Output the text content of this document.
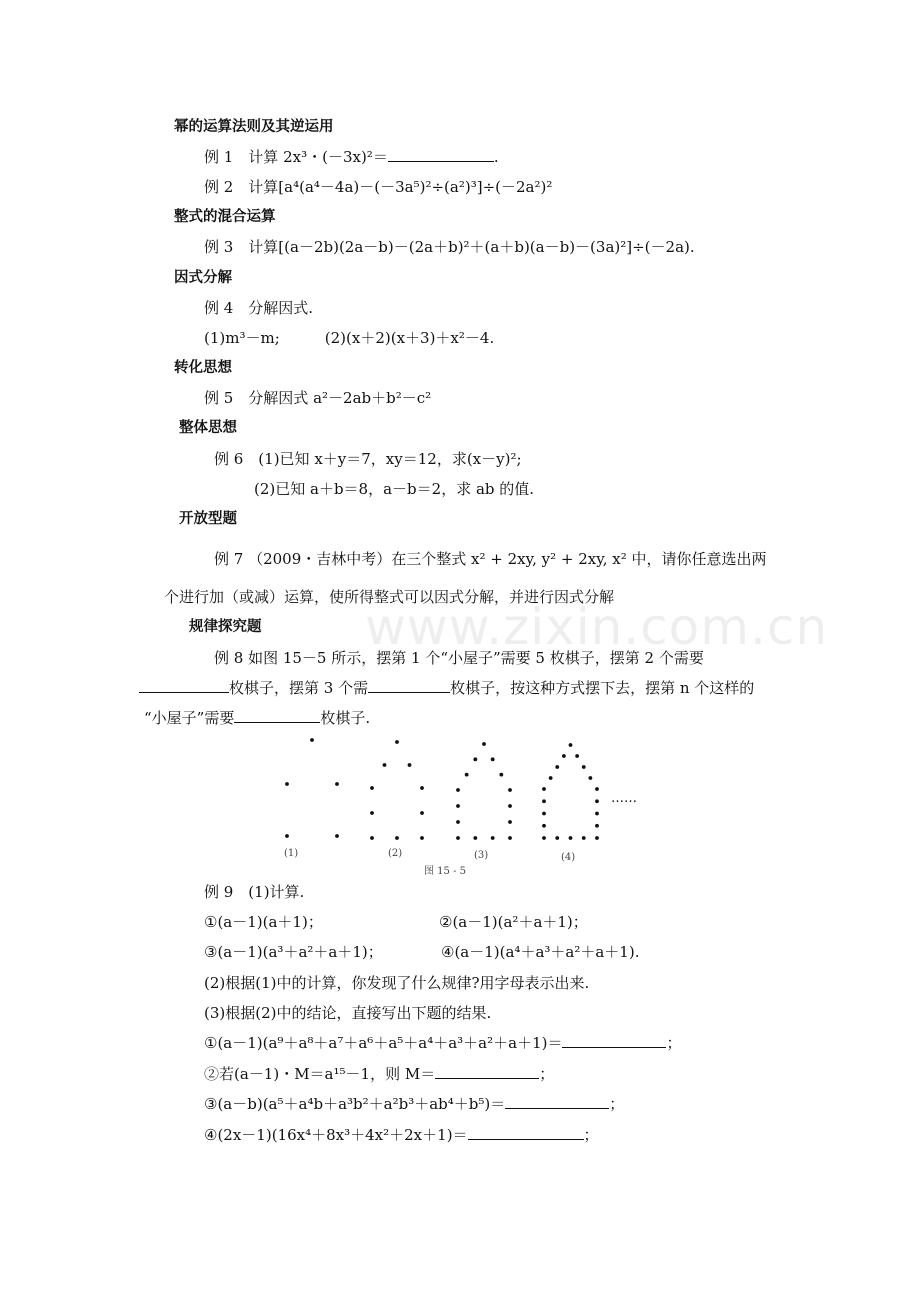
www.zixin.com.cn
幂的运算法则及其逆运用
例 1　计算 2x³・(－3x)²＝	.
例 2　计算[a⁴(a⁴－4a)－(－3a⁵)²÷(a²)³]÷(－2a²)²
整式的混合运算
例 3　计算[(a－2b)(2a－b)－(2a＋b)²＋(a＋b)(a－b)－(3a)²]÷(－2a).
因式分解
例 4　分解因式.
(1)m³－m;　　　(2)(x＋2)(x＋3)＋x²－4.
转化思想
例 5　分解因式 a²－2ab＋b²－c²
整体思想
例 6　(1)已知 x＋y＝7，xy＝12，求(x－y)²;
(2)已知 a＋b＝8，a－b＝2，求 ab 的值.
开放型题
例 7 （2009・吉林中考）在三个整式 x² + 2xy, y² + 2xy, x² 中，请你任意选出两
个进行加（或减）运算，使所得整式可以因式分解，并进行因式分解
规律探究题
例 8 如图 15－5 所示，摆第 1 个“小屋子”需要 5 枚棋子，摆第 2 个需要
枚棋子，摆第 3 个需	枚棋子，按这种方式摆下去，摆第 n 个这样的
“小屋子”需要	枚棋子.
(1)	(2)	(3)	(4)
图 15 - 5
……
例 9　(1)计算.
①(a－1)(a＋1)；	②(a－1)(a²＋a＋1)；
③(a－1)(a³＋a²＋a＋1)；	④(a－1)(a⁴＋a³＋a²＋a＋1).
(2)根据(1)中的计算，你发现了什么规律?用字母表示出来.
(3)根据(2)中的结论，直接写出下题的结果.
①(a－1)(a⁹＋a⁸＋a⁷＋a⁶＋a⁵＋a⁴＋a³＋a²＋a＋1)＝	；
②若(a－1)・M＝a¹⁵－1，则 M＝	；
③(a－b)(a⁵＋a⁴b＋a³b²＋a²b³＋ab⁴＋b⁵)＝	；
④(2x－1)(16x⁴＋8x³＋4x²＋2x＋1)＝	；
